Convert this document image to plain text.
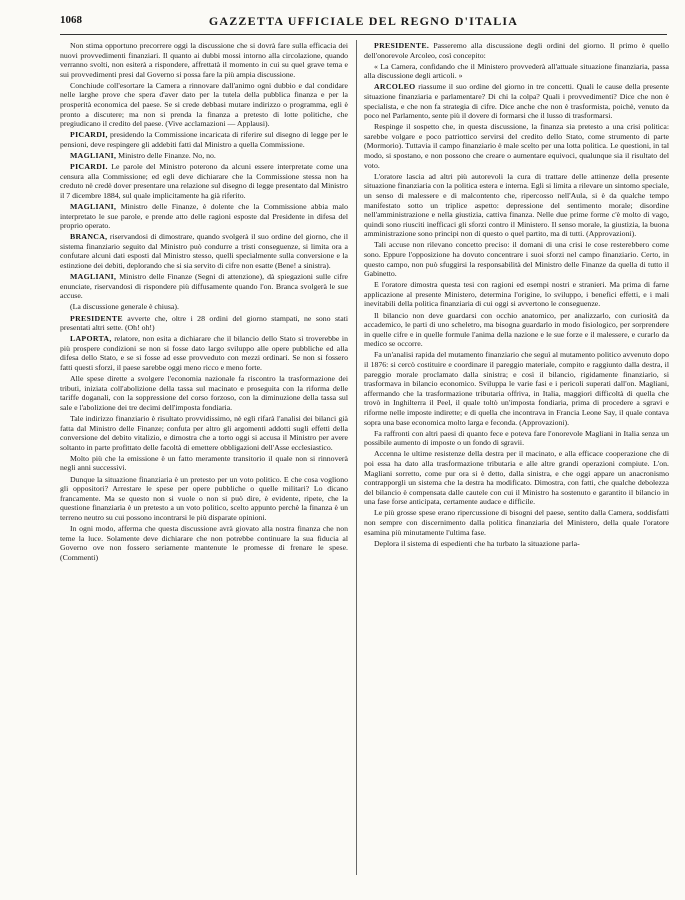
1068	GAZZETTA UFFICIALE DEL REGNO D'ITALIA

Non stima opportuno precorrere oggi la discussione che si dovrà fare sulla efficacia dei nuovi provvedimenti finanziari. Il quanto ai dubbi mossi intorno alla circolazione, quando verranno svolti, non esiterà a rispondere, affrettatà il momento in cui su quel grave tema e sui provvedimenti presi dal Governo si possa fare la più ampia discussione.

Conchiude coll'esortare la Camera a rinnovare dall'animo ogni dubbio e dal condidare nelle larghe prove che spera d'aver dato per la tutela della pubblica finanza e per la prosperità economica del paese. Se si crede debbasi mutare indirizzo o programma, egli è pronto a discutere; ma non si prenda la finanza a pretesto di lotte politiche, che pregiudicano il credito del paese. (Vive acclamazioni — Applausi).

PICARDI, presidendo la Commissione incaricata di riferire sul disegno di legge per le pensioni, deve respingere gli addebiti fatti dal Ministro a quella Commissione.

MAGLIANI, Ministro delle Finanze. No, no.

PICARDI. Le parole del Ministro poterono da alcuni essere interpretate come una censura alla Commissione; ed egli deve dichiarare che la Commissione stessa non ha creduto nè credè dover presentare una relazione sul disegno di legge presentato dal Ministro il 7 dicembre 1884, sul quale implicitamente ha già riferito.

MAGLIANI, Ministro delle Finanze, è dolente che la Commissione abbia malo interpretato le sue parole, e prende atto delle ragioni esposte dal Presidente in difesa del proprio operato.

BRANCA, riservandosi di dimostrare, quando svolgerà il suo ordine del giorno, che il sistema finanziario seguito dal Ministro può condurre a tristi conseguenze, si limita ora a confutare alcuni dati esposti dal Ministro stesso, quelli specialmente sulla conversione e la estinzione dei debiti, deplorando che si sia servito di cifre non esatte (Bene! a sinistra).

MAGLIANI, Ministro delle Finanze (Segni di attenzione), dà spiegazioni sulle cifre enunciate, riservandosi di rispondere più diffusamente quando l'on. Branca svolgerà le sue accuse.

(La discussione generale è chiusa).

PRESIDENTE avverte che, oltre i 28 ordini del giorno stampati, ne sono stati presentati altri sette. (Oh! oh!)

LAPORTA, relatore, non esita a dichiarare che il bilancio dello Stato si troverebbe in più prospere condizioni se non si fosse dato largo sviluppo alle opere pubbliche ed alla difesa dello Stato, e se si fosse ad esse provveduto con mezzi ordinari. Se non si fossero fatti questi sforzi, il paese sarebbe oggi meno ricco e meno forte.

Alle spese dirette a svolgere l'economia nazionale fa riscontro la trasformazione dei tributi, iniziata coll'abolizione della tassa sul macinato e proseguita con la riforma delle tariffe doganali, con la soppressione del corso forzoso, con la diminuzione della tassa sul sale e l'abolizione dei tre decimi dell'imposta fondiaria.

Tale indirizzo finanziario è risultato provvidissimo, nè egli rifarà l'analisi dei bilanci già fatta dal Ministro delle Finanze; confuta per altro gli argomenti addotti sugli effetti della conversione del debito vitalizio, e dimostra che a torto oggi si accusa il Ministro per avere soltanto in parte profittato delle facoltà di emettere obbligazioni dell'Asse ecclesiastico.

Molto più che la emissione è un fatto meramente transitorio il quale non si rinnoverà negli anni successivi.

Dunque la situazione finanziaria è un pretesto per un voto politico. E che cosa vogliono gli oppositori? Arrestare le spese per opere pubbliche o quelle militari? Lo dicano francamente. Ma se questo non si vuole o non si può dire, è evidente, ripete, che la questione finanziaria è un pretesto a un voto politico, scelto appunto perchè la finanza è un terreno neutro su cui possono incontrarsi le più disparate opinioni.

In ogni modo, afferma che questa discussione avrà giovato alla nostra finanza che non teme la luce. Solamente deve dichiarare che non potrebbe continuare la sua fiducia al Governo ove non fossero seriamente mantenute le promesse di frenare le spese. (Commenti)

PRESIDENTE. Passeremo alla discussione degli ordini del giorno. Il primo è quello dell'onorevole Arcoleo, così concepito:

« La Camera, confidando che il Ministero provvederà all'attuale situazione finanziaria, passa alla discussione degli articoli. »

ARCOLEO riassume il suo ordine del giorno in tre concetti. Quali le cause della presente situazione finanziaria e parlamentare? Di chi la colpa? Quali i provvedimenti? Dice che non è specialista, e che non fa strategia di cifre. Dice anche che non è trasformista, poichè, venuto da poco nel Parlamento, sente più il dovere di formarsi che il lusso di trasformarsi.

Respinge il sospetto che, in questa discussione, la finanza sia pretesto a una crisi politica: sarebbe volgare e poco patriottico servirsi del credito dello Stato, come strumento di parte (Mormorio). Tuttavia il campo finanziario è male scelto per una lotta politica. Le questioni, in tal modo, si spostano, e non possono che creare o aumentare equivoci, qualunque sia il risultato del voto.

L'oratore lascia ad altri più autorevoli la cura di trattare delle attinenze della presente situazione finanziaria con la politica estera e interna. Egli si limita a rilevare un sintomo speciale, un senso di malessere e di malcontento che, ripercosso nell'Aula, si è da qualche tempo manifestato sotto un triplice aspetto: depressione del sentimento morale; disordine nell'amministrazione e nella giustizia, cattiva finanza. Nelle due prime forme c'è molto di vago, quindi sono riusciti inefficaci gli sforzi contro il Ministero. Il senso morale, la giustizia, la buona amministrazione sono principi non di questo o quel partito, ma di tutti. (Approvazioni).

Tali accuse non rilevano concetto preciso: il domani di una crisi le cose resterebbero come sono. Eppure l'opposizione ha dovuto concentrare i suoi sforzi nel campo finanziario. Certo, in questo campo, non può sfuggirsi la responsabilità del Ministro delle Finanze da quella di tutto il Gabinetto.

E l'oratore dimostra questa tesi con ragioni ed esempi nostri e stranieri. Ma prima di farne applicazione al presente Ministero, determina l'origine, lo sviluppo, i benefici effetti, e i mali inevitabili della politica finanziaria di cui oggi si avvertono le conseguenze.

Il bilancio non deve guardarsi con occhio anatomico, per analizzarlo, con curiosità da accademico, le parti di uno scheletro, ma bisogna guardarlo in modo fisiologico, per sorprendere in quelle cifre e in quelle formule l'anima della nazione e le sue forze e il malessere, e curarlo da medico se occorre.

Fa un'analisi rapida del mutamento finanziario che seguì al mutamento politico avvenuto dopo il 1876: si cercò costituire e coordinare il pareggio materiale, compito e raggiunto dalla destra, il pareggio morale proclamato dalla sinistra; e così il bilancio, rigidamente finanziario, si trasformava in bilancio economico. Sviluppa le varie fasi e i pericoli superati dall'on. Magliani, affermando che la trasformazione tributaria offriva, in Italia, maggiori difficoltà di quella che trovò in Inghilterra il Peel, il quale toltò un'imposta fondiaria, prima di procedere a sgravi e riforme nelle imposte indirette; e di quella che incontrava in Francia Leone Say, il quale contava sopra una base economica molto larga e feconda. (Approvazioni).

Fa raffronti con altri paesi di quanto fece e poteva fare l'onorevole Magliani in Italia senza un possibile aumento di imposte o un fondo di sgravii.

Accenna le ultime resistenze della destra per il macinato, e alla efficace cooperazione che di poi essa ha dato alla trasformazione tributaria e alle altre grandi operazioni compiute. L'on. Magliani sorretto, come pur ora si è detto, dalla sinistra, e che oggi appare un anacronismo contrapporgli un sistema che la destra ha modificato. Dimostra, con fatti, che qualche debolezza del bilancio è compensata dalle cautele con cui il Ministro ha sostenuto e garantito il bilancio in una fase forse anticipata, certamente audace e difficile.

Le più grosse spese erano ripercussione di bisogni del paese, sentito dalla Camera, soddisfatti non sempre con discernimento dalla politica finanziaria del Ministero, della quale l'oratore esamina più minutamente l'ultima fase.

Deplora il sistema di espedienti che ha turbato la situazione parla-
